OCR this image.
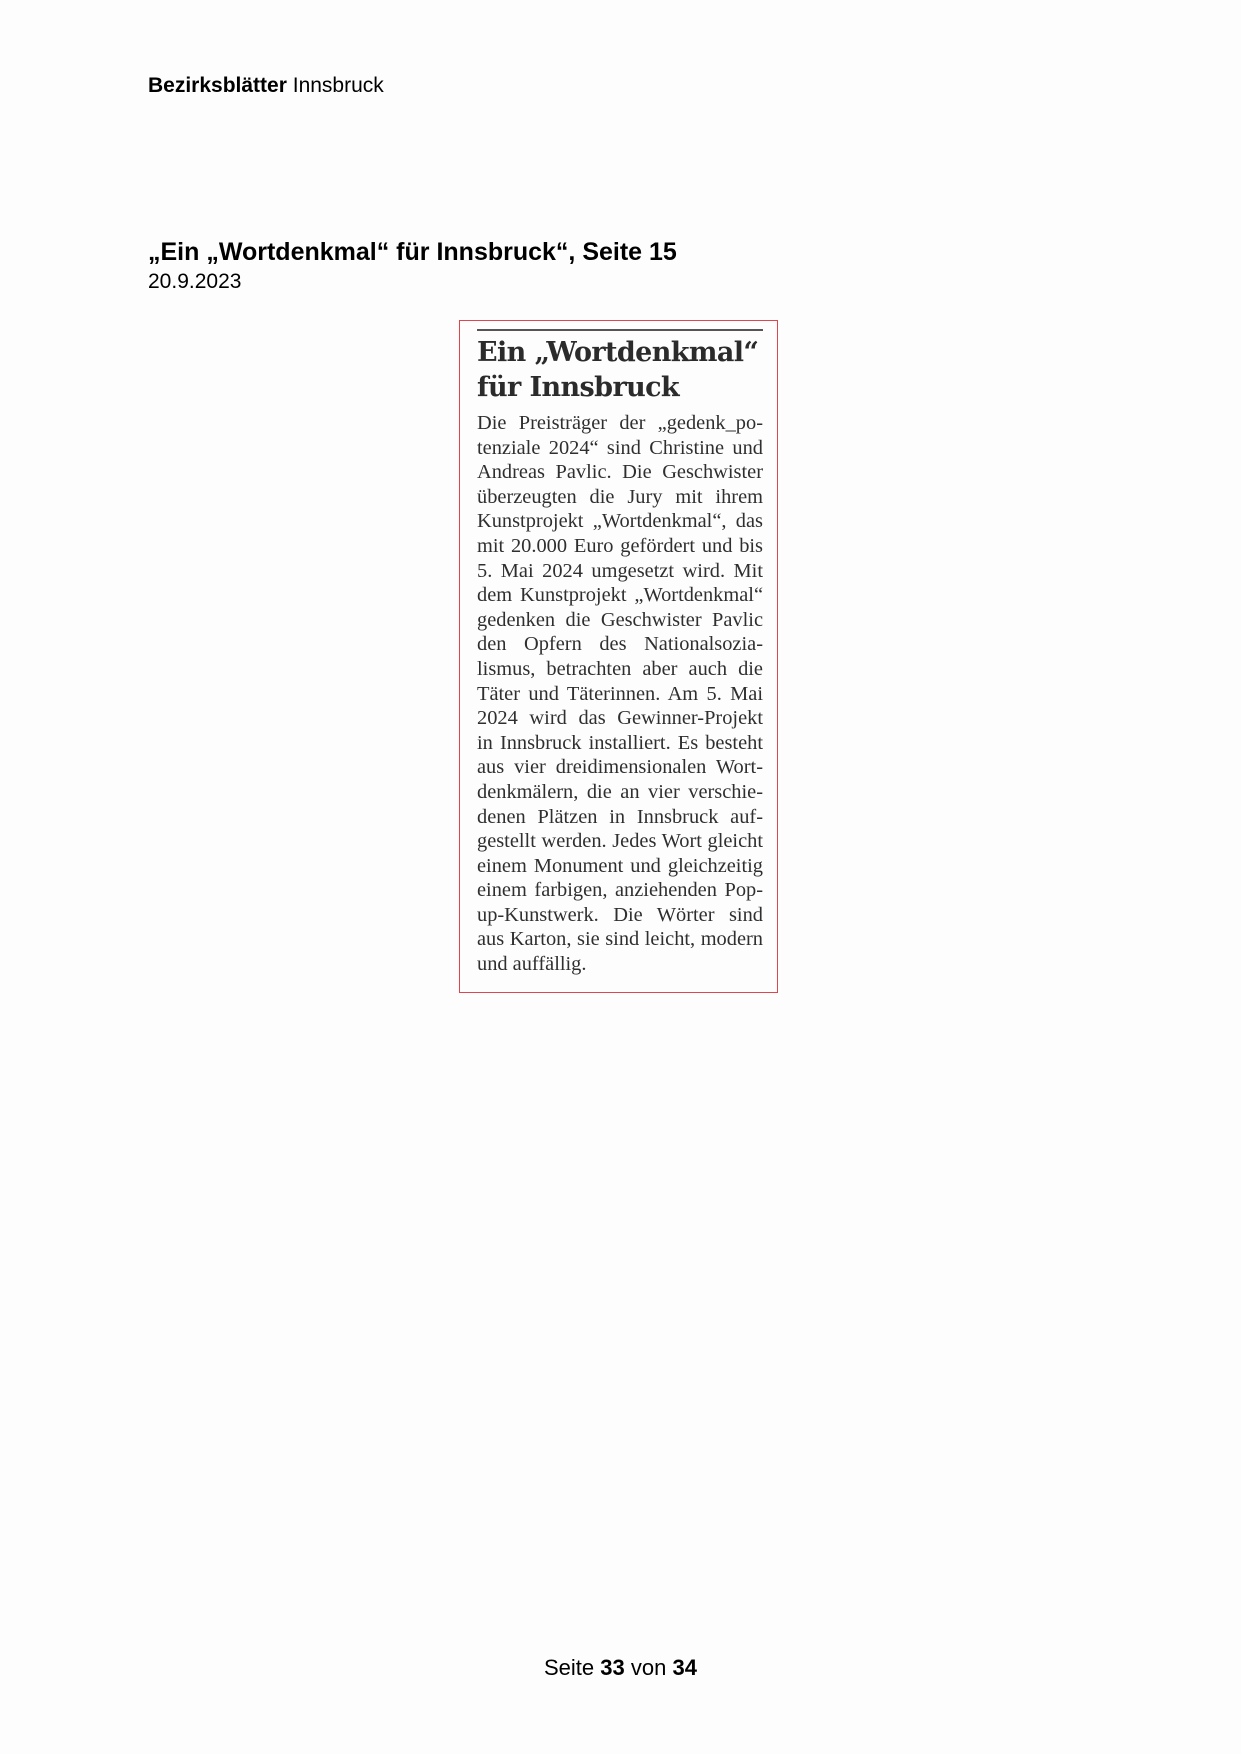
Bezirksblätter Innsbruck
„Ein „Wortdenkmal“ für Innsbruck“, Seite 15
20.9.2023
Ein „Wortdenkmal“
für Innsbruck

Die Preisträger der „gedenk_potenziale 2024“ sind Christine und Andreas Pavlic. Die Geschwister überzeugten die Jury mit ihrem Kunstprojekt „Wortdenkmal“, das mit 20.000 Euro gefördert und bis 5. Mai 2024 umgesetzt wird. Mit dem Kunstprojekt „Wortdenkmal“ gedenken die Geschwister Pavlic den Opfern des Nationalsozialismus, betrachten aber auch die Täter und Täterinnen. Am 5. Mai 2024 wird das Gewinner-Projekt in Innsbruck installiert. Es besteht aus vier dreidimensionalen Wortdenkmälern, die an vier verschiedenen Plätzen in Innsbruck aufgestellt werden. Jedes Wort gleicht einem Monument und gleichzeitig einem farbigen, anziehenden Pop-up-Kunstwerk. Die Wörter sind aus Karton, sie sind leicht, modern und auffällig.

Seite 33 von 34
